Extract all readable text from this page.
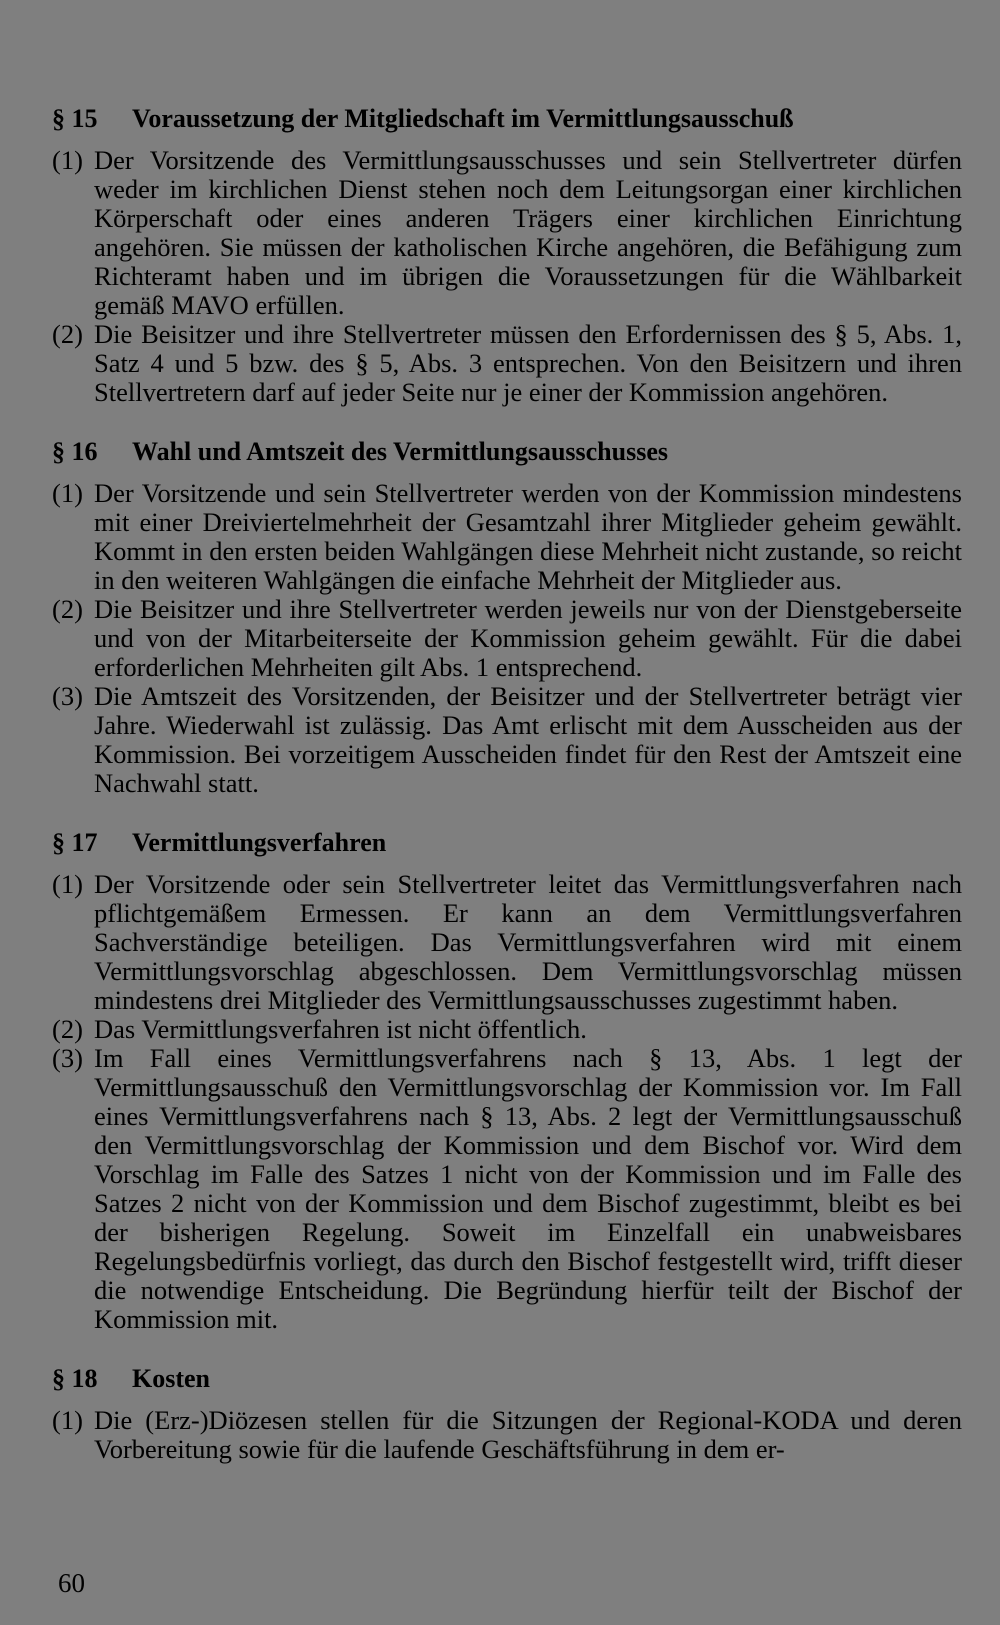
§ 15	Voraussetzung der Mitgliedschaft im Vermittlungsausschuß
(1) Der Vorsitzende des Vermittlungsausschusses und sein Stellvertreter dürfen weder im kirchlichen Dienst stehen noch dem Leitungsorgan einer kirchlichen Körperschaft oder eines anderen Trägers einer kirchlichen Einrichtung angehören. Sie müssen der katholischen Kirche angehören, die Befähigung zum Richteramt haben und im übrigen die Voraussetzungen für die Wählbarkeit gemäß MAVO erfüllen.
(2) Die Beisitzer und ihre Stellvertreter müssen den Erfordernissen des § 5, Abs. 1, Satz 4 und 5 bzw. des § 5, Abs. 3 entsprechen. Von den Beisitzern und ihren Stellvertretern darf auf jeder Seite nur je einer der Kommission angehören.
§ 16	Wahl und Amtszeit des Vermittlungsausschusses
(1) Der Vorsitzende und sein Stellvertreter werden von der Kommission mindestens mit einer Dreiviertelmehrheit der Gesamtzahl ihrer Mitglieder geheim gewählt. Kommt in den ersten beiden Wahlgängen diese Mehrheit nicht zustande, so reicht in den weiteren Wahlgängen die einfache Mehrheit der Mitglieder aus.
(2) Die Beisitzer und ihre Stellvertreter werden jeweils nur von der Dienstgeberseite und von der Mitarbeiterseite der Kommission geheim gewählt. Für die dabei erforderlichen Mehrheiten gilt Abs. 1 entsprechend.
(3) Die Amtszeit des Vorsitzenden, der Beisitzer und der Stellvertreter beträgt vier Jahre. Wiederwahl ist zulässig. Das Amt erlischt mit dem Ausscheiden aus der Kommission. Bei vorzeitigem Ausscheiden findet für den Rest der Amtszeit eine Nachwahl statt.
§ 17	Vermittlungsverfahren
(1) Der Vorsitzende oder sein Stellvertreter leitet das Vermittlungsverfahren nach pflichtgemäßem Ermessen. Er kann an dem Vermittlungsverfahren Sachverständige beteiligen. Das Vermittlungsverfahren wird mit einem Vermittlungsvorschlag abgeschlossen. Dem Vermittlungsvorschlag müssen mindestens drei Mitglieder des Vermittlungsausschusses zugestimmt haben.
(2) Das Vermittlungsverfahren ist nicht öffentlich.
(3) Im Fall eines Vermittlungsverfahrens nach § 13, Abs. 1 legt der Vermittlungsausschuß den Vermittlungsvorschlag der Kommission vor. Im Fall eines Vermittlungsverfahrens nach § 13, Abs. 2 legt der Vermittlungsausschuß den Vermittlungsvorschlag der Kommission und dem Bischof vor. Wird dem Vorschlag im Falle des Satzes 1 nicht von der Kommission und im Falle des Satzes 2 nicht von der Kommission und dem Bischof zugestimmt, bleibt es bei der bisherigen Regelung. Soweit im Einzelfall ein unabweisbares Regelungsbedürfnis vorliegt, das durch den Bischof festgestellt wird, trifft dieser die notwendige Entscheidung. Die Begründung hierfür teilt der Bischof der Kommission mit.
§ 18	Kosten
(1) Die (Erz-)Diözesen stellen für die Sitzungen der Regional-KODA und deren Vorbereitung sowie für die laufende Geschäftsführung in dem er-
60
